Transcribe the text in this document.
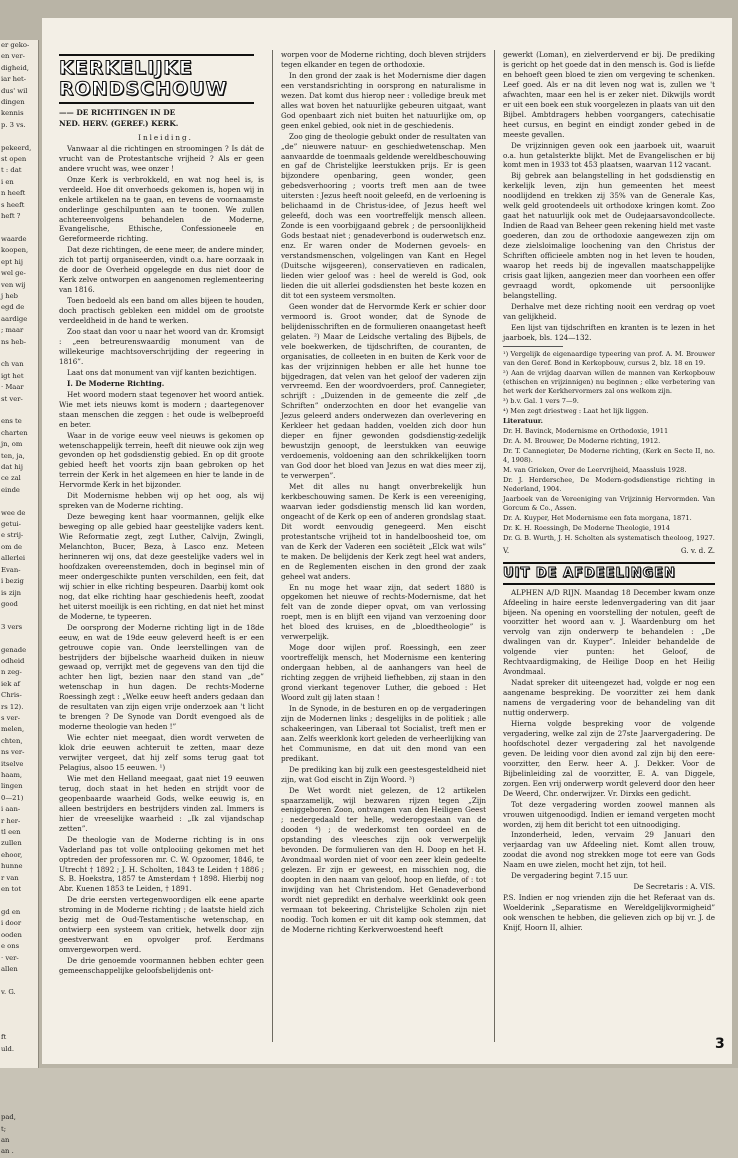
er geko-
en ver-
digheid,
iar het-
dus' wil
dingen
kennis
p. 3 vs.

pekeerd,
st open
t : dat
i en
n heeft
s heeft
heft ?

waarde
koopen,
ept hij
wel ge-
ven wij
j heb
egd de
aardige
; maar
ns heb-

ch van
igt het
· Maar
st ver-

ens te
charten
jn, om
ten, ja,
dat hij
ce zal
einde

wee de
getui-
e strij-
om de
allerlei
Evan-
i bezig
is zijn
good

3 vers

genade
odheid
n zeg-
iek af
Chris-
rs 12).
s ver-
melen,
chten,
ns ver-
itselve
haam,
lingen
0—21)
i aan-
r her-
tl een
zullen
ehoor,
hunne
r van
en tot

gd en
i door
ooden
e ons
· ver-
allen

v. G.

ft
uld.

pad,
t;
an
an .
KERKELIJKE
RONDSCHOUW
—— DE RICHTINGEN IN DE
NED. HERV. (GEREF.) KERK.

Inleiding.

Vanwaar al die richtingen en stroomingen ? Is dát de vrucht van de Protestantsche vrijheid ? Als er geen andere vrucht was, wee onzer !

Onze Kerk is verbrokkeld, en wat nog heel is, is verdeeld. Hoe dit onverhoeds gekomen is, hopen wij in enkele artikelen na te gaan, en tevens de voornaamste onderlinge geschilpunten aan te toonen. We zullen achtereenvolgens behandelen de Moderne, Evangelische, Ethische, Confessioneele en Gereformeerde richting.

Dat deze richtingen, de eene meer, de andere minder, zich tot partij organiseerden, vindt o.a. hare oorzaak in de door de Overheid opgelegde en dus niet door de Kerk zelve ontworpen en aangenomen reglementeering van 1816.

Toen bedoeld als een band om alles bijeen te houden, doch practisch gebleken een middel om de grootste verdeeldheid in de hand te werken.

Zoo staat dan voor u naar het woord van dr. Kromsigt : „een betreurenswaardig monument van de willekeurige machtsoverschrijding der regeering in 1816”.

Laat ons dat monument van vijf kanten bezichtigen.

I. De Moderne Richting.

Het woord modern staat tegenover het woord antiek. Wie met iets nieuws komt is modern ; daartegenover staan menschen die zeggen : het oude is welbeproefd en beter.

Waar in de vorige eeuw veel nieuws is gekomen op wetenschappelijk terrein, heeft dit nieuwe ook zijn weg gevonden op het godsdienstig gebied. En op dit groote gebied heeft het voorts zijn baan gebroken op het terrein der Kerk in het algemeen en hier te lande in de Hervormde Kerk in het bijzonder.

Dit Modernisme hebben wij op het oog, als wij spreken van de Moderne richting.

Deze beweging kent haar voormannen, gelijk elke beweging op alle gebied haar geestelijke vaders kent. Wie Reformatie zegt, zegt Luther, Calvijn, Zwingli, Melanchton, Bucer, Beza, à Lasco enz. Meteen herinneren wij ons, dat deze geestelijke vaders wel in hoofdzaken overeenstemden, doch in beginsel min of meer ondergeschikte punten verschilden, een feit, dat wij schier in elke richting bespeuren. Daarbij komt ook nog, dat elke richting haar geschiedenis heeft, zoodat het uiterst moeilijk is een richting, en dat niet het minst de Moderne, te typeeren.

De oorsprong der Moderne richting ligt in de 18de eeuw, en wat de 19de eeuw geleverd heeft is er een getrouwe copie van. Onde leerstellingen van de bestrijders der bijbelsche waarheid duiken in nieuw gewaad op, verrijkt met de gegevens van den tijd die achter hen ligt, bezien naar den stand van „de” wetenschap in hun dagen. De rechts-Moderne Roessingh zegt : „Welke eeuw heeft anders gedaan dan de resultaten van zijn eigen vrije onderzoek aan 't licht te brengen ? De Synode van Dordt evengoed als de moderne theologie van heden !”

Wie echter niet meegaat, dien wordt verweten de klok drie eeuwen achteruit te zetten, maar deze verwijter vergeet, dat hij zelf soms terug gaat tot Pelagius, alsoo 15 eeuwen. ¹)

Wie met den Helland meegaat, gaat niet 19 eeuwen terug, doch staat in het heden en strijdt voor de geopenbaarde waarheid Gods, welke eeuwig is, en alleen bestrijders en bestrijders vinden zal. Immers is hier de vreeselijke waarheid : „Ik zal vijandschap zetten”.

De theologie van de Moderne richting is in ons Vaderland pas tot volle ontplooiing gekomen met het optreden der professoren mr. C. W. Opzoomer, 1846, te Utrecht † 1892 ; J. H. Scholten, 1843 te Leiden † 1886 ; S. B. Hoekstra, 1857 te Amsterdam † 1898. Hierbij nog Abr. Kuenen 1853 te Leiden, † 1891.

De drie eersten vertegenwoordigen elk eene aparte stroming in de Moderne richting ; de laatste hield zich bezig met de Oud-Testamentische wetenschap, en ontwierp een systeem van critiek, hetwelk door zijn geestverwant en opvolger prof. Eerdmans omvergeworpen werd.

De drie genoemde voormannen hebben echter geen gemeenschappelijke geloofsbelijdenis ont-

worpen voor de Moderne richting, doch bleven strijders tegen elkander en tegen de orthodoxie.

In den grond der zaak is het Modernisme dier dagen een verstandsrichting in oorsprong en naturalisme in wezen. Dat komt dus hierop neer : volledige breuk met alles wat boven het natuurlijke gebeuren uitgaat, want God openbaart zich niet buiten het natuurlijke om, op geen enkel gebied, ook niet in de geschiedenis.

Zoo ging de theologie gebukt onder de resultaten van „de” nieuwere natuur- en geschiedwetenschap. Men aanvaardde de toenmaals geldende wereldbeschouwing en gaf de Christelijke leerstukken prijs. Er is geen bijzondere openbaring, geen wonder, geen gebedsverhooring ; voorts treft men aan de twee uitersten : Jezus heeft nooit geleefd, en de verloening is belichaamd in de Christus-idee, of Jezus heeft wel geleefd, doch was een voortreffelijk mensch alleen. Zonde is een voorbijgaand gebrek ; de persoonlijkheid Gods bestaat niet ; genadeverbond is ouderwetsch enz. enz. Er waren onder de Modernen gevoels- en verstandsmenschen, volgelingen van Kant en Hegel (Duitsche wijsgeeren), conservatieven en radicalen, lieden wier geloof was : heel de wereld is God, ook lieden die uit allerlei godsdiensten het beste kozen en dit tot een systeem versmolten.

Geen wonder dat de Hervormde Kerk er schier door vermoord is. Groot wonder, dat de Synode de belijdenisschriften en de formulieren onaangetast heeft gelaten. ²) Maar de Leidsche vertaling des Bijbels, de vele boekwerken, de tijdschriften, de couranten, de organisaties, de colleeten in en buiten de Kerk voor de kas der vrijzinnigen hebben er alle het hunne toe bijgedragen, dat velen van het geloof der vaderen zijn vervreemd. Een der woordvoerders, prof. Cannegieter, schrijft : „Duizenden in de gemeente die zelf „de Schriften” onderzochten en door het evangelie van Jezus geleerd anders onderwezen dan overlevering en Kerkleer het gedaan hadden, voelden zich door hun dieper en fijner gewonden godsdienstig-zedelijk bewustzijn genoopt, de leerstukken van eeuwige verdoemenis, voldoening aan den schrikkelijken toorn van God door het bloed van Jezus en wat dies meer zij, te verwerpen”.

Met dit alles nu hangt onverbrekelijk hun kerkbeschouwing samen. De Kerk is een vereeniging, waarvan ieder godsdienstig mensch lid kan worden, ongeacht of de Kerk op een of anderen grondslag staat. Dit wordt eenvoudig genegeerd. Men eischt protestantsche vrijheid tot in handelboosheid toe, om van de Kerk der Vaderen een sociëteit „Elck wat wils” te maken. De belijdenis der Kerk zegt heel wat anders, en de Reglementen eischen in den grond der zaak geheel wat anders.

En nu moge het waar zijn, dat sedert 1880 is opgekomen het nieuwe of rechts-Modernisme, dat het felt van de zonde dieper opvat, om van verlossing roept, men is en blijft een vijand van verzoening door het bloed des kruises, en de „bloedtheologie” is verwerpelijk.

Moge door wijlen prof. Roessingh, een zeer voortreffelijk mensch, het Modernisme een kentering ondergaan hebben, al de aanhangers van heel de richting zeggen de vrijheid liefhebben, zij staan in den grond vierkant tegenover Luther, die geboed : Het Woord zult gij laten staan !

In de Synode, in de besturen en op de vergaderingen zijn de Modernen links ; desgelijks in de politiek ; alle schakeeringen, van Liberaal tot Socialist, treft men er aan. Zelfs weerklonk kort geleden de verheerlijking van het Communisme, en dat uit den mond van een predikant.

De prediking kan bij zulk een geestesgesteldheid niet zijn, wat God eischt in Zijn Woord. ³)

De Wet wordt niet gelezen, de 12 artikelen spaarzamelijk, wijl bezwaren rijzen tegen „Zijn eeniggeboren Zoon, ontvangen van den Heiligen Geest ; nedergedaald ter helle, wederopgestaan van de dooden ⁴) ; de wederkomst ten oordeel en de opstanding des vleesches zijn ook verwerpelijk bevonden. De formulieren van den H. Doop en het H. Avondmaal worden niet of voor een zeer klein gedeelte gelezen. Er zijn er geweest, en misschien nog, die doopten in den naam van geloof, hoop en liefde, of : tot inwijding van het Christendom. Het Genadeverbond wordt niet gepredikt en derhalve weerklinkt ook geen vermaan tot bekeering. Christelijke Scholen zijn niet noodig. Toch komen er uit dit kamp ook stemmen, dat de Moderne richting Kerkverwoestend heeft

gewerkt (Loman), en zielverdervend er bij. De prediking is gericht op het goede dat in den mensch is. God is liefde en behoeft geen bloed te zien om vergeving te schenken. Leef goed. Als er na dit leven nog wat is, zullen we 't afwachten, maar een hel is er zeker niet. Dikwijls wordt er uit een boek een stuk voorgelezen in plaats van uit den Bijbel. Ambtdragers hebben voorgangers, catechisatie heet cursus, en begint en eindigt zonder gebed in de meeste gevallen.

De vrijzinnigen geven ook een jaarboek uit, waaruit o.a. hun getalsterkte blijkt. Met de Evangelischen er bij komt men in 1933 tot 453 plaatsen, waarvan 112 vacant.

Bij gebrek aan belangstelling in het godsdienstig en kerkelijk leven, zijn hun gemeenten het meest noodlijdend en trekken zij 35% van de Generale Kas, welk geld grootendeels uit orthodoxe kringen komt. Zoo gaat het natuurlijk ook met de Oudejaarsavondcollecte. Indien de Raad van Beheer geen rekening hield met vaste goederen, dan zou de orthodoxie aangewezen zijn om deze zielsloimalige loochening van den Christus der Schriften officieele ambten nog in het leven te houden, waarop het reeds bij de ingevallen maatschappelijke crisis gaat lijken, aangezien meer dan voorheen een offer gevraagd wordt, opkomende uit persoonlijke belangstelling.

Derhalve met deze richting nooit een verdrag op voet van gelijkheid.

Een lijst van tijdschriften en kranten is te lezen in het jaarboek, bls. 124—132.

¹) Vergelijk de eigenaardige typeering van prof. A. M. Brouwer van den Geref. Bond in Kerkopbouw, cursus 2, blz. 18 en 19.

²) Aan de vrijdag daarvan willen de mannen van Kerkopbouw (ethischen en vrijzinnigen) nu beginnen ; elke verbetering van het werk der Kerkhervormers zal ons welkom zijn.

³) b.v. Gal. 1 vers 7—9.

⁴) Men zegt driestweg : Laat het lijk liggen.

Literatuur.

Dr. H. Bavinck, Modernisme en Orthodoxie, 1911

Dr. A. M. Brouwer, De Moderne richting, 1912.

Dr. T. Cannegieter, De Moderne richting, (Kerk en Secte II, no. 4, 1908).

M. van Grieken, Over de Leervrijheid, Maassluis 1928.

Dr. J. Herderschee, De Modern-godsdienstige richting in Nederland, 1904.

Jaarboek van de Vereeniging van Vrijzinnig Hervormden. Van Gorcum & Co., Assen.

Dr. A. Kuyper, Het Modernisme een fata morgana, 1871.

Dr. K. H. Roessingh, De Moderne Theologie, 1914

Dr. G. B. Wurth, J. H. Scholten als systematisch theoloog, 1927.

V.	G. v. d. Z.
UIT DE AFDEELINGEN

ALPHEN A/D RIJN. Maandag 18 December kwam onze Afdeeling in haire eerste ledenvergadering van dit jaar bijeen. Na opening en voorstelling der notulen, geeft de voorzitter het woord aan v. J. Waardenburg om het vervolg van zijn onderwerp te behandelen : „De dwalingen van dr. Kuyper”. Inleider behandelde de volgende vier punten: het Geloof, de Rechtvaardigmaking, de Heilige Doop en het Heilig Avondmaal.

Nadat spreker dit uiteengezet had, volgde er nog een aangename bespreking. De voorzitter zei hem dank namens de vergadering voor de behandeling van dit nuttig onderwerp.

Hierna volgde bespreking voor de volgende vergadering, welke zal zijn de 27ste Jaarvergadering. De hoofdschotel dezer vergadering zal het navolgende geven. De leiding voor dien avond zal zijn bij den eere-voorzitter, den Eerw. heer A. J. Dekker. Voor de Bijbelinleiding zal de voorzitter, E. A. van Diggele, zorgen. Een vrij onderwerp wordt geleverd door den heer De Weerd, Chr. onderwijzer. Vr. Dirxks een gedicht.

Tot deze vergadering worden zoowel mannen als vrouwen uitgenoodigd. Indien er iemand vergeten mocht worden, zij hem dit bericht tot een uitnoodiging.

Inzonderheid, leden, vervaim 29 Januari den verjaardag van uw Afdeeling niet. Komt allen trouw, zoodat die avond nog strekken moge tot eere van Gods Naam en uwe zielen, mocht het zijn, tot heil.

De vergadering begint 7.15 uur.

De Secretaris : A. VIS.

P.S. Indien er nog vrienden zijn die het Referaat van ds. Woelderink „Separatisme en Wereldgelijkvormigheid” ook wenschen te hebben, die gelieven zich op bij vr. J. de Knijf, Hoorn II, alhier.

3
